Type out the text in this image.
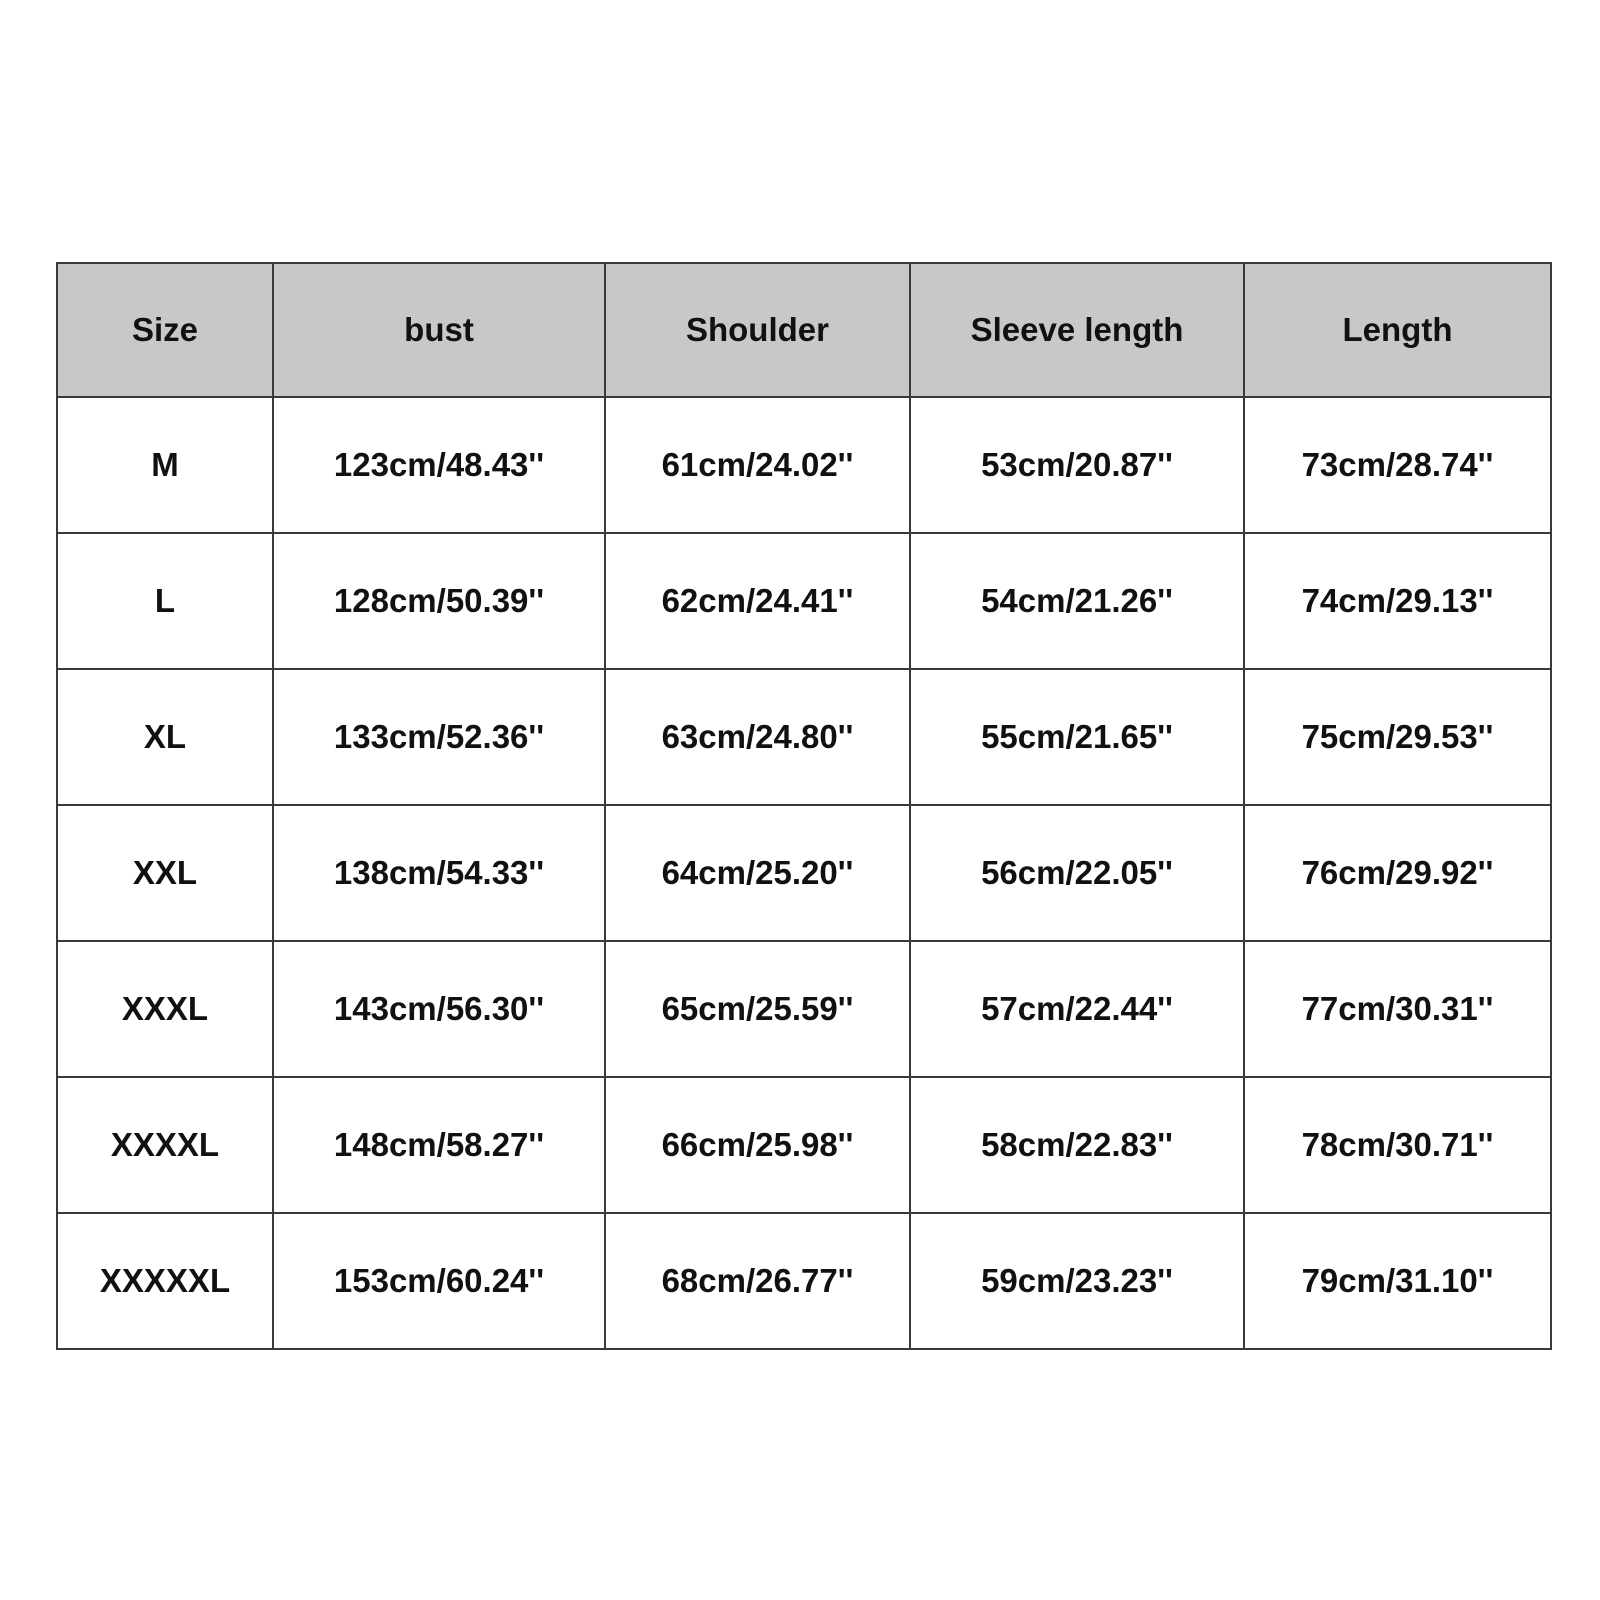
Size	bust	Shoulder	Sleeve length	Length
M	123cm/48.43''	61cm/24.02''	53cm/20.87''	73cm/28.74''
L	128cm/50.39''	62cm/24.41''	54cm/21.26''	74cm/29.13''
XL	133cm/52.36''	63cm/24.80''	55cm/21.65''	75cm/29.53''
XXL	138cm/54.33''	64cm/25.20''	56cm/22.05''	76cm/29.92''
XXXL	143cm/56.30''	65cm/25.59''	57cm/22.44''	77cm/30.31''
XXXXL	148cm/58.27''	66cm/25.98''	58cm/22.83''	78cm/30.71''
XXXXXL	153cm/60.24''	68cm/26.77''	59cm/23.23''	79cm/31.10''
